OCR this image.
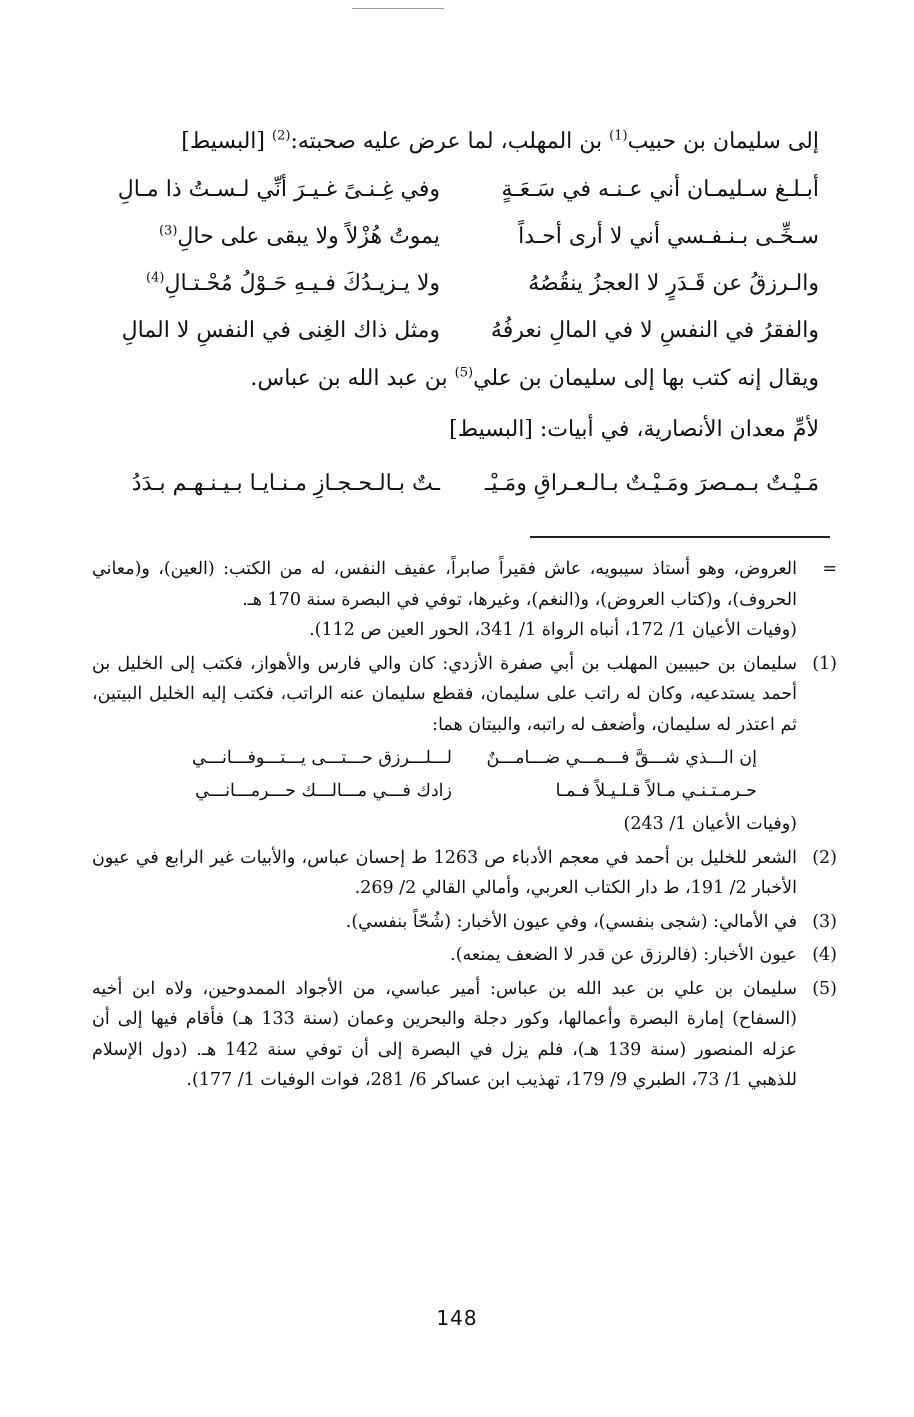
إلى سليمان بن حبيب$^{(1)}$ بن المهلب، لما عرض عليه صحبته:$^{(2)}$ [البسيط]
أبـلـغ سـليمـان أني عـنـه في سَـعَـةٍ
وفي غِـنـىً غـيـرَ أنِّي لـسـتُ ذا مـالِ
سـخِّـى بـنـفـسي أني لا أرى أحـداً
يموتُ هُزْلاً ولا يبقى على حالِ$^{(3)}$
والـرزقُ عن قَـدَرٍ لا العجزُ ينقُصُهُ
ولا يـزيـدُكَ فـيـهِ حَـوْلُ مُحْـتـالِ$^{(4)}$
والفقرُ في النفسِ لا في المالِ نعرفُهُ
ومثل ذاك الغِنى في النفسِ لا المالِ
ويقال إنه كتب بها إلى سليمان بن علي$^{(5)}$ بن عبد الله بن عباس.
لأمِّ معدان الأنصارية، في أبيات: [البسيط]
مَـيْـتٌ بـمـصرَ ومَـيْـتٌ بـالـعـراقِ ومَـيْـ
ـتٌ بـالـحـجـازِ مـنـايـا بـيـنـهـم بـدَدُ
=
العروض، وهو أستاذ سيبويه، عاش فقيراً صابراً، عفيف النفس، له من الكتب: (العين)، و(معاني الحروف)، و(كتاب العروض)، و(النغم)، وغيرها، توفي في البصرة سنة 170 هـ.
(وفيات الأعيان 1/ 172، أنباه الرواة 1/ 341، الحور العين ص 112).
(1)
سليمان بن حبيبين المهلب بن أبي صفرة الأزدي: كان والي فارس والأهواز، فكتب إلى الخليل بن أحمد يستدعيه، وكان له راتب على سليمان، فقطع سليمان عنه الراتب، فكتب إليه الخليل البيتين، ثم اعتذر له سليمان، وأضعف له راتبه، والبيتان هما:
إن الـــذي شـــقَّ فـــمـــي ضـــامـــنٌ
لـــلـــرزق حـــتـــى يـــتـــوفـــانـــي
حـرمـتـنـي مـالاً قـلـيـلاً فـمـا
زادك فـــي مـــالـــك حـــرمـــانـــي
(وفيات الأعيان 1/ 243)
(2)
الشعر للخليل بن أحمد في معجم الأدباء ص 1263 ط إحسان عباس، والأبيات غير الرابع في عيون الأخبار 2/ 191، ط دار الكتاب العربي، وأمالي القالي 2/ 269.
(3)
في الأمالي: (شجى بنفسي)، وفي عيون الأخبار: (شُحّاً بنفسي).
(4)
عيون الأخبار: (فالرزق عن قدر لا الضعف يمنعه).
(5)
سليمان بن علي بن عبد الله بن عباس: أمير عباسي، من الأجواد الممدوحين، ولاه ابن أخيه (السفاح) إمارة البصرة وأعمالها، وكور دجلة والبحرين وعمان (سنة 133 هـ) فأقام فيها إلى أن عزله المنصور (سنة 139 هـ)، فلم يزل في البصرة إلى أن توفي سنة 142 هـ. (دول الإسلام للذهبي 1/ 73، الطبري 9/ 179، تهذيب ابن عساكر 6/ 281، فوات الوفيات 1/ 177).
148
